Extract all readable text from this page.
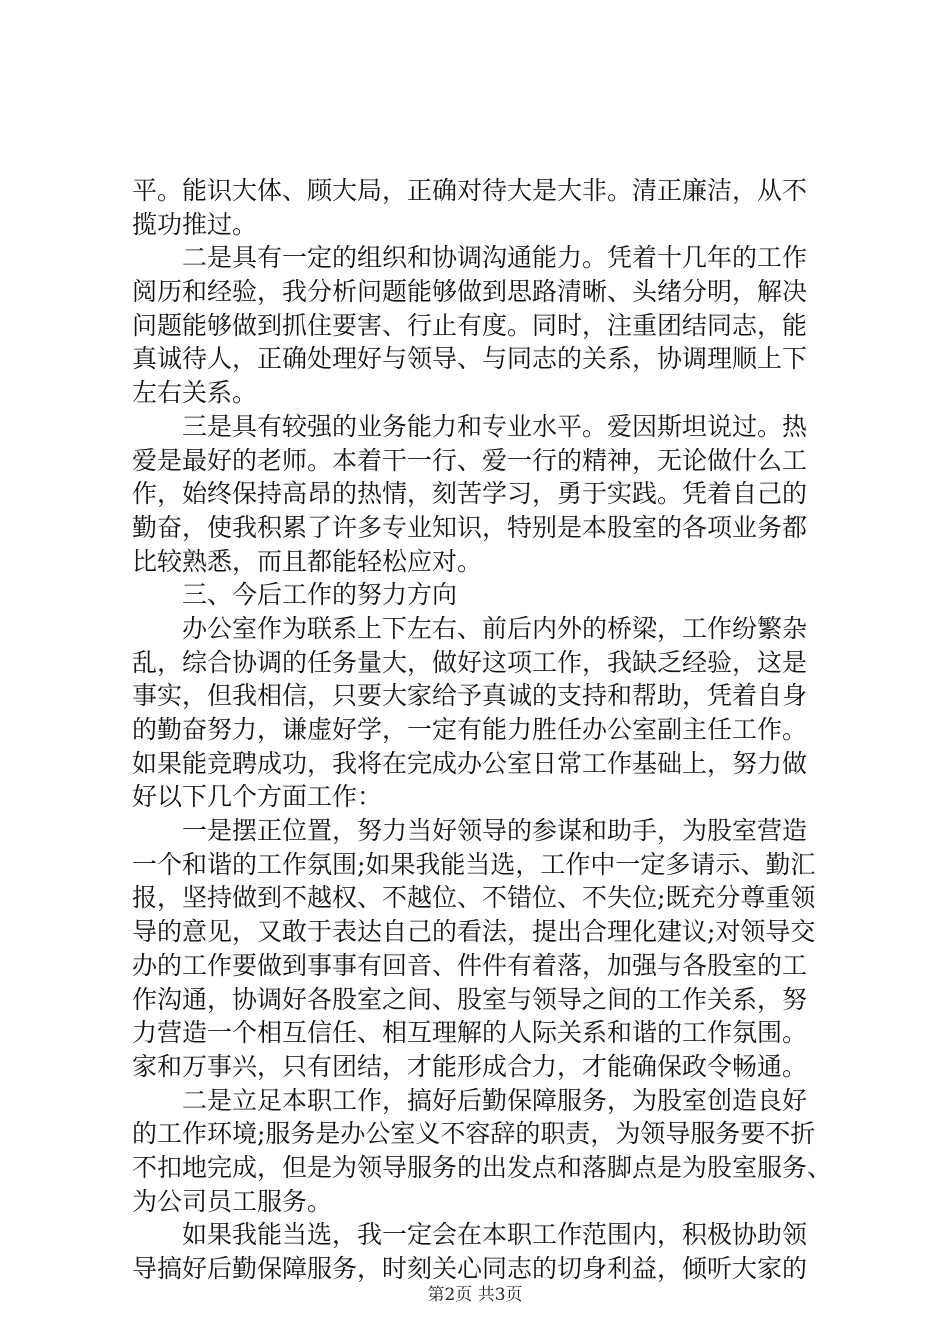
平。能识大体、顾大局，正确对待大是大非。清正廉洁，从不
揽功推过。
二是具有一定的组织和协调沟通能力。凭着十几年的工作
阅历和经验，我分析问题能够做到思路清晰、头绪分明，解决
问题能够做到抓住要害、行止有度。同时，注重团结同志，能
真诚待人，正确处理好与领导、与同志的关系，协调理顺上下
左右关系。
三是具有较强的业务能力和专业水平。爱因斯坦说过。热
爱是最好的老师。本着干一行、爱一行的精神，无论做什么工
作，始终保持高昂的热情，刻苦学习，勇于实践。凭着自己的
勤奋，使我积累了许多专业知识，特别是本股室的各项业务都
比较熟悉，而且都能轻松应对。
三、今后工作的努力方向
办公室作为联系上下左右、前后内外的桥梁，工作纷繁杂
乱，综合协调的任务量大，做好这项工作，我缺乏经验，这是
事实，但我相信，只要大家给予真诚的支持和帮助，凭着自身
的勤奋努力，谦虚好学，一定有能力胜任办公室副主任工作。
如果能竞聘成功，我将在完成办公室日常工作基础上，努力做
好以下几个方面工作：
一是摆正位置，努力当好领导的参谋和助手，为股室营造
一个和谐的工作氛围;如果我能当选，工作中一定多请示、勤汇
报，坚持做到不越权、不越位、不错位、不失位;既充分尊重领
导的意见，又敢于表达自己的看法，提出合理化建议;对领导交
办的工作要做到事事有回音、件件有着落，加强与各股室的工
作沟通，协调好各股室之间、股室与领导之间的工作关系，努
力营造一个相互信任、相互理解的人际关系和谐的工作氛围。
家和万事兴，只有团结，才能形成合力，才能确保政令畅通。
二是立足本职工作，搞好后勤保障服务，为股室创造良好
的工作环境;服务是办公室义不容辞的职责，为领导服务要不折
不扣地完成，但是为领导服务的出发点和落脚点是为股室服务、
为公司员工服务。
如果我能当选，我一定会在本职工作范围内，积极协助领
导搞好后勤保障服务，时刻关心同志的切身利益，倾听大家的
第2页 共3页
